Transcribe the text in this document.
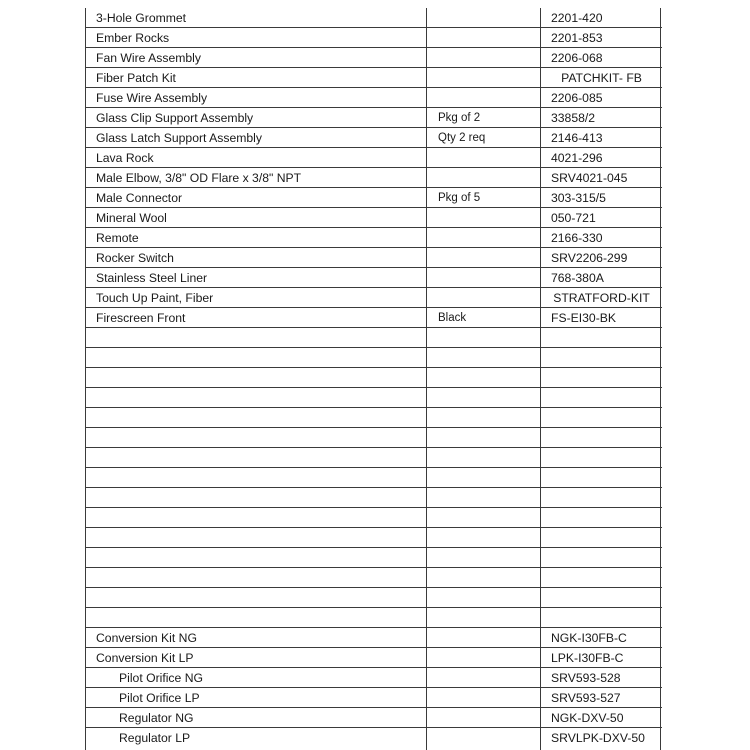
3-Hole Grommet	2201-420
Ember Rocks	2201-853
Fan Wire Assembly	2206-068
Fiber Patch Kit	PATCHKIT- FB
Fuse Wire Assembly	2206-085
Glass Clip Support Assembly	Pkg of 2	33858/2
Glass Latch Support Assembly	Qty 2 req	2146-413
Lava Rock	4021-296
Male Elbow, 3/8" OD Flare x 3/8" NPT	SRV4021-045
Male Connector	Pkg of 5	303-315/5
Mineral Wool	050-721
Remote	2166-330
Rocker Switch	SRV2206-299
Stainless Steel Liner	768-380A
Touch Up Paint, Fiber	STRATFORD-KIT
Firescreen Front	Black	FS-EI30-BK
Conversion Kit NG	NGK-I30FB-C
Conversion Kit LP	LPK-I30FB-C
Pilot Orifice NG	SRV593-528
Pilot Orifice LP	SRV593-527
Regulator NG	NGK-DXV-50
Regulator LP	SRVLPK-DXV-50
